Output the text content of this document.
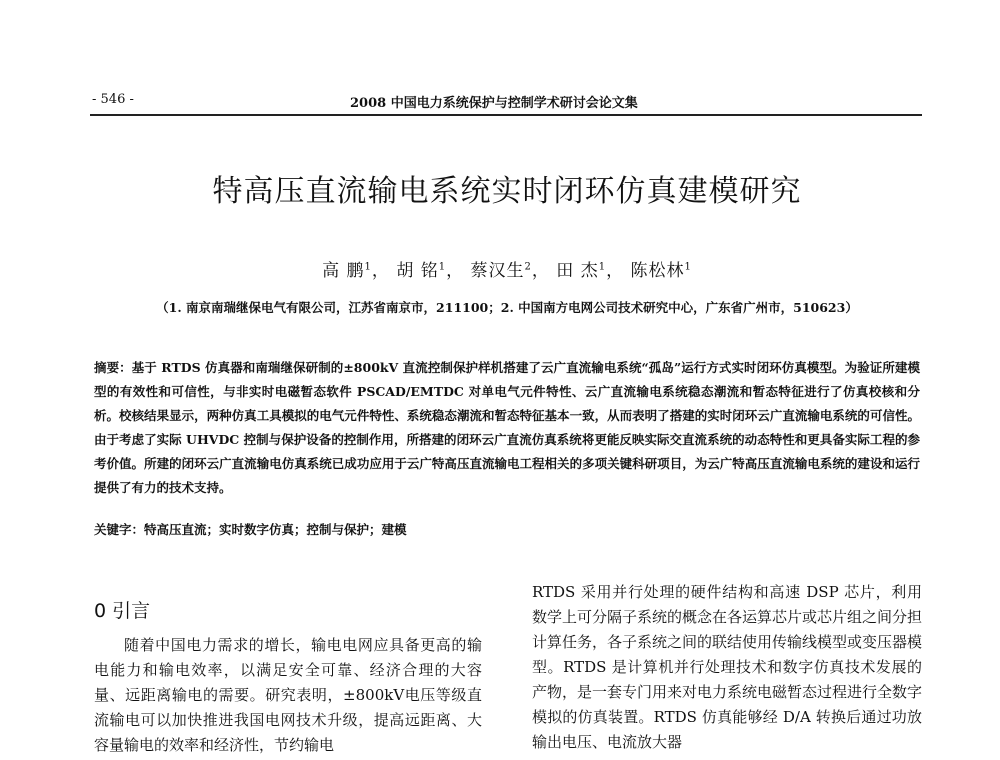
- 546 -	2008 中国电力系统保护与控制学术研讨会论文集
特高压直流输电系统实时闭环仿真建模研究
高 鹏$^1$， 胡 铭$^1$， 蔡汉生$^2$， 田 杰$^1$， 陈松林$^1$
（1. 南京南瑞继保电气有限公司，江苏省南京市，211100；2. 中国南方电网公司技术研究中心，广东省广州市，510623）
摘要：基于 RTDS 仿真器和南瑞继保研制的±800kV 直流控制保护样机搭建了云广直流输电系统“孤岛”运行方式实时闭环仿真模型。为验证所建模型的有效性和可信性，与非实时电磁暂态软件 PSCAD/EMTDC 对单电气元件特性、云广直流输电系统稳态潮流和暂态特征进行了仿真校核和分析。校核结果显示，两种仿真工具模拟的电气元件特性、系统稳态潮流和暂态特征基本一致，从而表明了搭建的实时闭环云广直流输电系统的可信性。由于考虑了实际 UHVDC 控制与保护设备的控制作用，所搭建的闭环云广直流仿真系统将更能反映实际交直流系统的动态特性和更具备实际工程的参考价值。所建的闭环云广直流输电仿真系统已成功应用于云广特高压直流输电工程相关的多项关键科研项目，为云广特高压直流输电系统的建设和运行提供了有力的技术支持。
关键字：特高压直流；实时数字仿真；控制与保护；建模
0 引言

随着中国电力需求的增长，输电电网应具备更高的输电能力和输电效率，以满足安全可靠、经济合理的大容量、远距离输电的需要。研究表明，±800kV电压等级直流输电可以加快推进我国电网技术升级，提高远距离、大容量输电的效率和经济性，节约输电

RTDS 采用并行处理的硬件结构和高速 DSP 芯片，利用数学上可分隔子系统的概念在各运算芯片或芯片组之间分担计算任务，各子系统之间的联结使用传输线模型或变压器模型。RTDS 是计算机并行处理技术和数字仿真技术发展的产物，是一套专门用来对电力系统电磁暂态过程进行全数字模拟的仿真装置。RTDS 仿真能够经 D/A 转换后通过功放输出电压、电流放大器
